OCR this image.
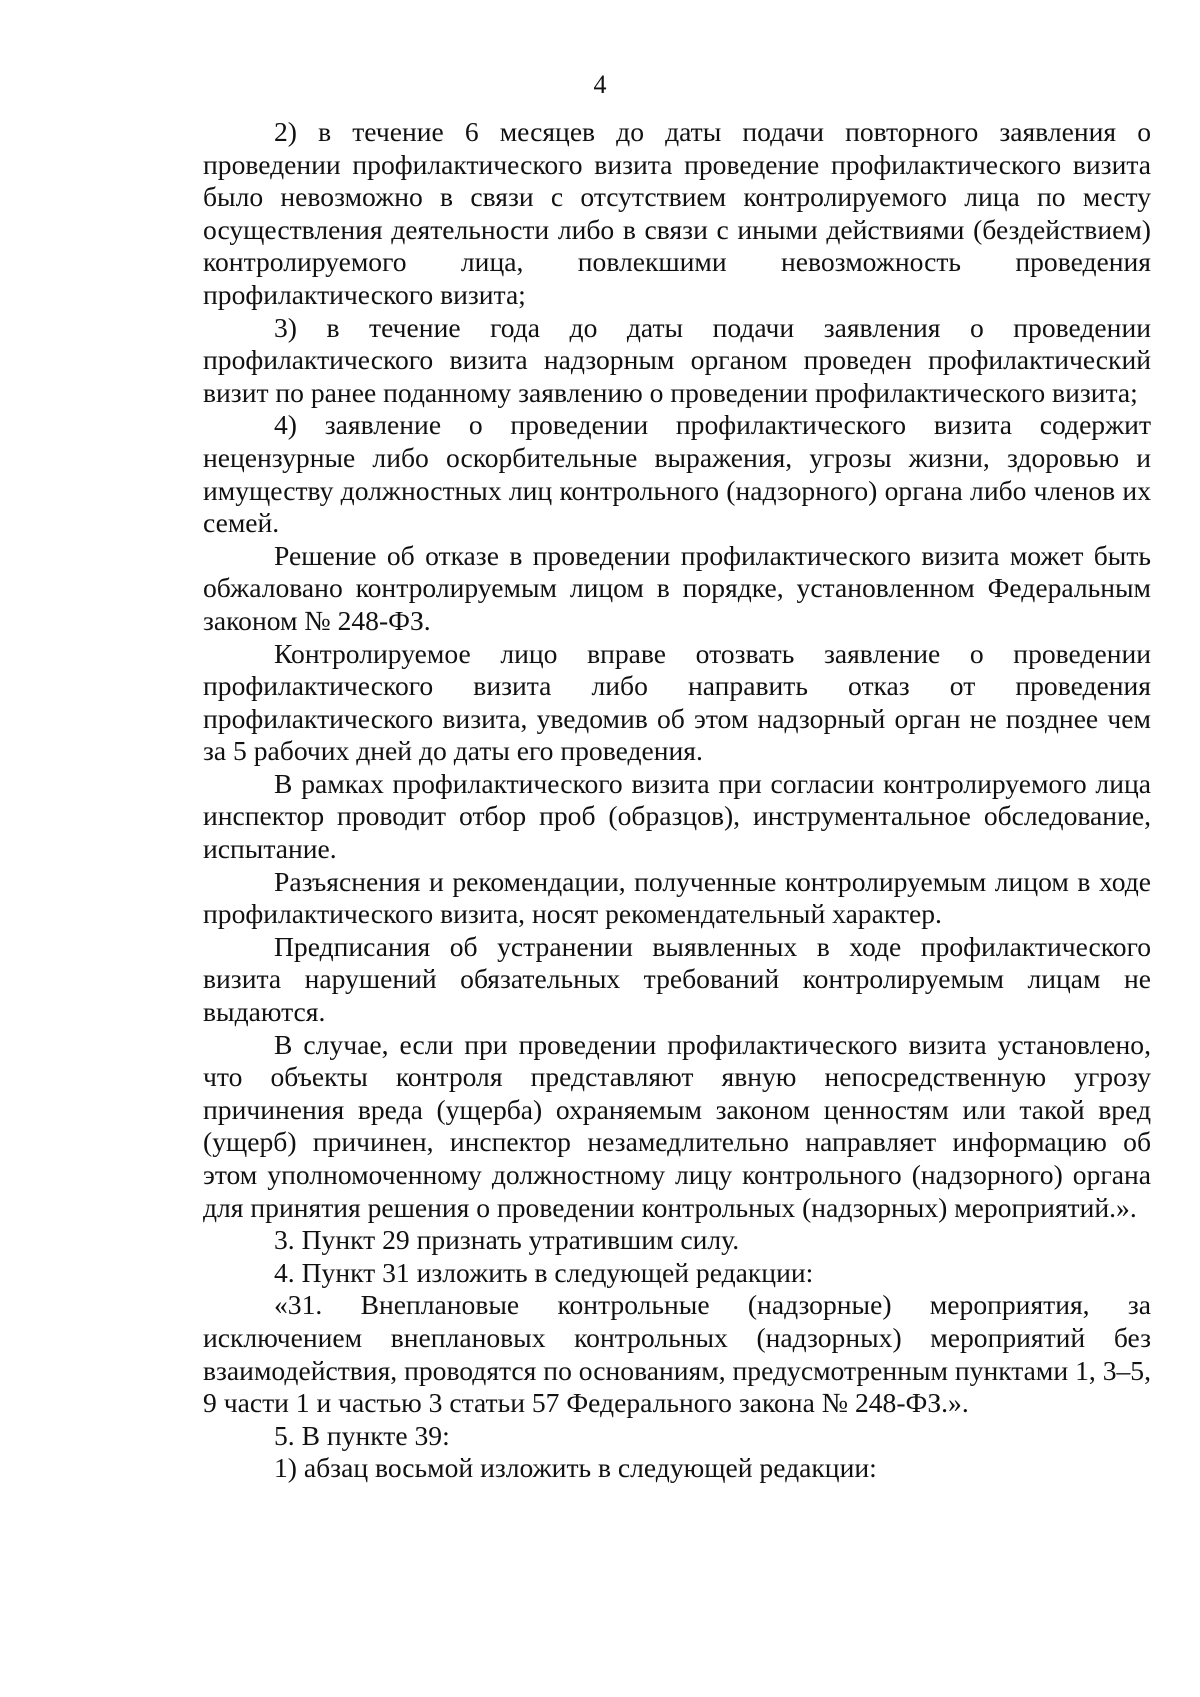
4

2) в течение 6 месяцев до даты подачи повторного заявления о проведении профилактического визита проведение профилактического визита было невозможно в связи с отсутствием контролируемого лица по месту осуществления деятельности либо в связи с иными действиями (бездействием) контролируемого лица, повлекшими невозможность проведения профилактического визита;

3) в течение года до даты подачи заявления о проведении профилактического визита надзорным органом проведен профилактический визит по ранее поданному заявлению о проведении профилактического визита;

4) заявление о проведении профилактического визита содержит нецензурные либо оскорбительные выражения, угрозы жизни, здоровью и имуществу должностных лиц контрольного (надзорного) органа либо членов их семей.

Решение об отказе в проведении профилактического визита может быть обжаловано контролируемым лицом в порядке, установленном Федеральным законом № 248-ФЗ.

Контролируемое лицо вправе отозвать заявление о проведении профилактического визита либо направить отказ от проведения профилактического визита, уведомив об этом надзорный орган не позднее чем за 5 рабочих дней до даты его проведения.

В рамках профилактического визита при согласии контролируемого лица инспектор проводит отбор проб (образцов), инструментальное обследование, испытание.

Разъяснения и рекомендации, полученные контролируемым лицом в ходе профилактического визита, носят рекомендательный характер.

Предписания об устранении выявленных в ходе профилактического визита нарушений обязательных требований контролируемым лицам не выдаются.

В случае, если при проведении профилактического визита установлено, что объекты контроля представляют явную непосредственную угрозу причинения вреда (ущерба) охраняемым законом ценностям или такой вред (ущерб) причинен, инспектор незамедлительно направляет информацию об этом уполномоченному должностному лицу контрольного (надзорного) органа для принятия решения о проведении контрольных (надзорных) мероприятий.».

3. Пункт 29 признать утратившим силу.

4. Пункт 31 изложить в следующей редакции:

«31. Внеплановые контрольные (надзорные) мероприятия, за исключением внеплановых контрольных (надзорных) мероприятий без взаимодействия, проводятся по основаниям, предусмотренным пунктами 1, 3–5, 9 части 1 и частью 3 статьи 57 Федерального закона № 248-ФЗ.».

5. В пункте 39:

1) абзац восьмой изложить в следующей редакции:
